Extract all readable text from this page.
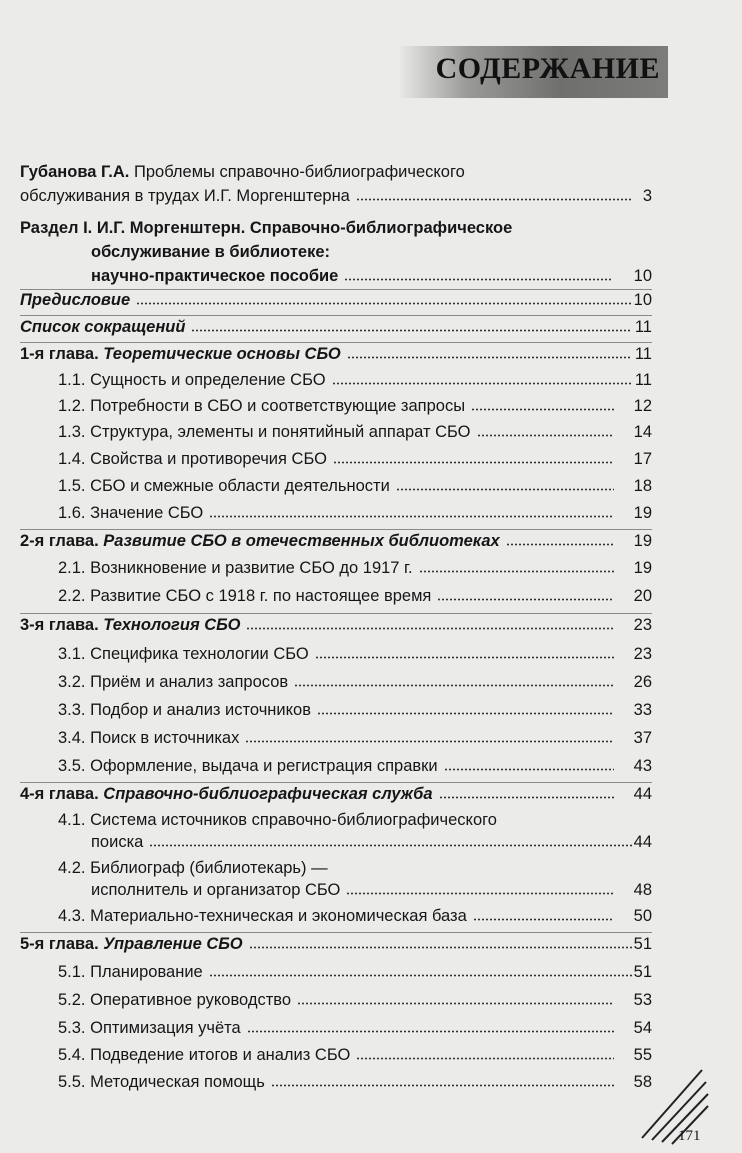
СОДЕРЖАНИЕ
Губанова Г.А. Проблемы справочно-библиографического
обслуживания в трудах И.Г. Моргенштерна	3
Раздел I. И.Г. Моргенштерн. Справочно-библиографическое
обслуживание в библиотеке:
научно-практическое пособие	10
Предисловие	10
Список сокращений	11
1-я глава. Теоретические основы СБО	11
1.1. Сущность и определение СБО	11
1.2. Потребности в СБО и соответствующие запросы	12
1.3. Структура, элементы и понятийный аппарат СБО	14
1.4. Свойства и противоречия СБО	17
1.5. СБО и смежные области деятельности	18
1.6. Значение СБО	19
2-я глава. Развитие СБО в отечественных библиотеках	19
2.1. Возникновение и развитие СБО до 1917 г.	19
2.2. Развитие СБО с 1918 г. по настоящее время	20
3-я глава. Технология СБО	23
3.1. Специфика технологии СБО	23
3.2. Приём и анализ запросов	26
3.3. Подбор и анализ источников	33
3.4. Поиск в источниках	37
3.5. Оформление, выдача и регистрация справки	43
4-я глава. Справочно-библиографическая служба	44
4.1. Система источников справочно-библиографического
поиска	44
4.2. Библиограф (библиотекарь) —
исполнитель и организатор СБО	48
4.3. Материально-техническая и экономическая база	50
5-я глава. Управление СБО	51
5.1. Планирование	51
5.2. Оперативное руководство	53
5.3. Оптимизация учёта	54
5.4. Подведение итогов и анализ СБО	55
5.5. Методическая помощь	58
171
